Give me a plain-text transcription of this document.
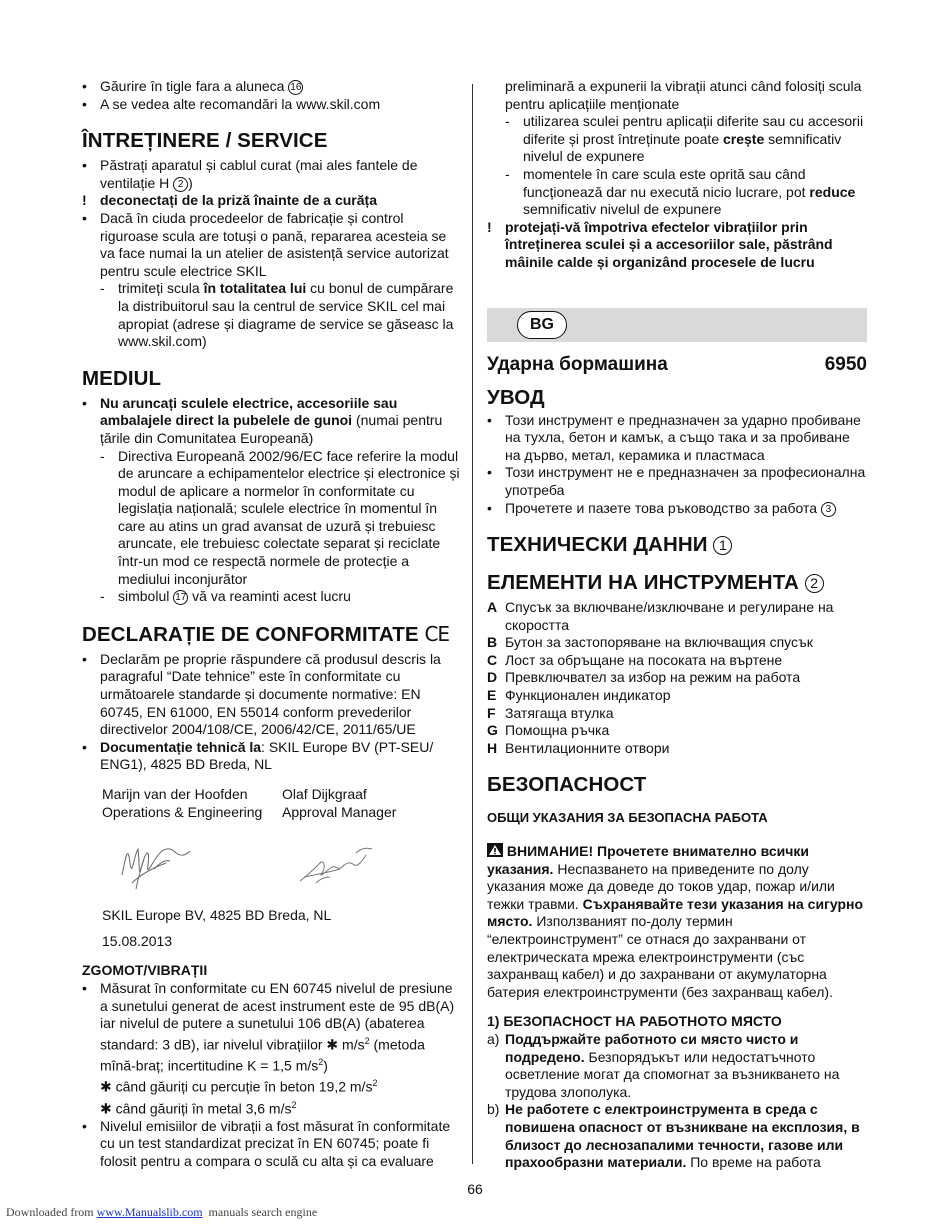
• Găurire în tigle fara a aluneca 16
• A se vedea alte recomandări la www.skil.com
ÎNTREȚINERE / SERVICE
• Păstrați aparatul și cablul curat (mai ales fantele de ventilație H 2 )
! deconectați de la priză înainte de a curăța
• Dacă în ciuda procedeelor de fabricație și control riguroase scula are totuși o pană, repararea acesteia se va face numai la un atelier de asistență service autorizat pentru scule electrice SKIL
- trimiteți scula în totalitatea lui cu bonul de cumpărare la distribuitorul sau la centrul de service SKIL cel mai apropiat (adrese și diagrame de service se găseasc la www.skil.com)
MEDIUL
• Nu aruncați sculele electrice, accesoriile sau ambalajele direct la pubelele de gunoi (numai pentru țările din Comunitatea Europeană)
- Directiva Europeană 2002/96/EC face referire la modul de aruncare a echipamentelor electrice și electronice și modul de aplicare a normelor în conformitate cu legislația națională; sculele electrice în momentul în care au atins un grad avansat de uzură și trebuiesc aruncate, ele trebuiesc colectate separat și reciclate într-un mod ce respectă normele de protecție a mediului inconjurător
- simbolul 17 vă va reaminti acest lucru
DECLARAȚIE DE CONFORMITATE CE
• Declarăm pe proprie răspundere că produsul descris la paragraful “Date tehnice” este în conformitate cu următoarele standarde și documente normative: EN 60745, EN 61000, EN 55014 conform prevederilor directivelor 2004/108/CE, 2006/42/CE, 2011/65/UE
• Documentație tehnică la: SKIL Europe BV (PT-SEU/ ENG1), 4825 BD Breda, NL
Marijn van der Hoofden
Operations & Engineering
Olaf Dijkgraaf
Approval Manager
SKIL Europe BV, 4825 BD Breda, NL
15.08.2013
ZGOMOT/VIBRAȚII
• Măsurat în conformitate cu EN 60745 nivelul de presiune a sunetului generat de acest instrument este de 95 dB(A) iar nivelul de putere a sunetului 106 dB(A) (abaterea standard: 3 dB), iar nivelul vibrațiilor ✱ $m/s^2$ (metoda mînă-braț; incertitudine K = 1,5 $m/s^2$)
✱ când găuriți cu percuție în beton 19,2 $m/s^2$
✱ când găuriți în metal 3,6 $m/s^2$
• Nivelul emisiilor de vibrații a fost măsurat în conformitate cu un test standardizat precizat în EN 60745; poate fi folosit pentru a compara o sculă cu alta și ca evaluare
preliminară a expunerii la vibrații atunci când folosiți scula pentru aplicațiile menționate
- utilizarea sculei pentru aplicații diferite sau cu accesorii diferite și prost întreținute poate crește semnificativ nivelul de expunere
- momentele în care scula este oprită sau când funcționează dar nu execută nicio lucrare, pot reduce semnificativ nivelul de expunere
! protejați-vă împotriva efectelor vibrațiilor prin întreținerea sculei și a accesoriilor sale, păstrând mâinile calde și organizând procesele de lucru
BG
Ударна бормашина	6950
УВОД
• Този инструмент е предназначен за ударно пробиване на тухла, бетон и камък, а също така и за пробиване на дърво, метал, керамика и пластмаса
• Този инструмент не е предназначен за професионална употреба
• Прочетете и пазете това ръководство за работа 3
ТЕХНИЧЕСКИ ДАННИ 1
ЕЛЕМЕНТИ НА ИНСТРУМЕНТА 2
A Спусък за включване/изключване и регулиране на скоростта
B Бутон за застопоряване на включващия спусък
C Лост за обръщане на посоката на въртене
D Превключвател за избор на режим на работа
E Функционален индикатор
F Затягаща втулка
G Помощна ръчка
H Вентилационните отвори
БЕЗОПАСНОСТ
ОБЩИ УКАЗАНИЯ ЗА БЕЗОПАСНА РАБОТА
ВНИМАНИЕ! Прочетете внимателно всички указания. Неспазването на приведените по долу указания може да доведе до токов удар, пожар и/или тежки травми. Съхранявайте тези указания на сигурно място. Използваният по-долу термин “електроинструмент” се отнася до захранвани от електрическата мрежа електроинструменти (със захранващ кабел) и до захранвани от акумулаторна батерия електроинструменти (без захранващ кабел).
1) БЕЗОПАСНОСТ НА РАБОТНОТО МЯСТО
a) Поддържайте работното си място чисто и подредено. Безпорядъкът или недостатъчното осветление могат да спомогнат за възникването на трудова злополука.
b) Не работете с електроинструмента в среда с повишена опасност от възникване на експлозия, в близост до леснозапалими течности, газове или прахообразни материали. По време на работа
66
Downloaded from www.Manualslib.com  manuals search engine
